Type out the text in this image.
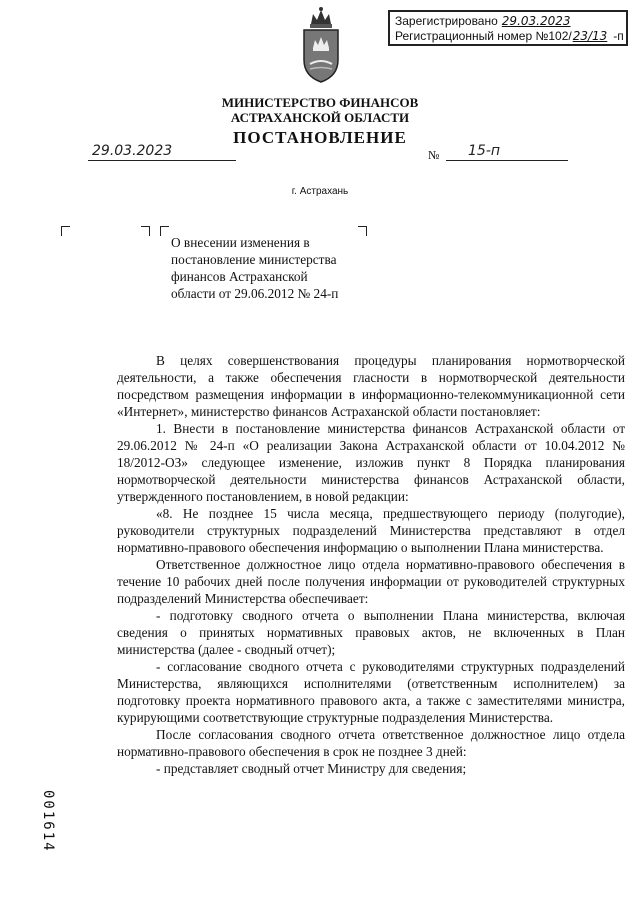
Зарегистрировано 29.03.2023
Регистрационный номер №102/ 23/13 -п
МИНИСТЕРСТВО ФИНАНСОВ
АСТРАХАНСКОЙ ОБЛАСТИ
ПОСТАНОВЛЕНИЕ
29.03.2023	№	15-п
г. Астрахань

О внесении изменения в

постановление министерства

финансов Астраханской

области от 29.06.2012 № 24-п

В целях совершенствования процедуры планирования нормотворческой деятельности, а также обеспечения гласности в нормотворческой деятельности посредством размещения информации в информационно-телекоммуникационной сети «Интернет», министерство финансов Астраханской области постановляет:

1. Внести в постановление министерства финансов Астраханской области от 29.06.2012 № 24-п «О реализации Закона Астраханской области от 10.04.2012 № 18/2012-ОЗ» следующее изменение, изложив пункт 8 Порядка планирования нормотворческой деятельности министерства финансов Астраханской области, утвержденного постановлением, в новой редакции:

«8. Не позднее 15 числа месяца, предшествующего периоду (полугодие), руководители структурных подразделений Министерства представляют в отдел нормативно-правового обеспечения информацию о выполнении Плана министерства.

Ответственное должностное лицо отдела нормативно-правового обеспечения в течение 10 рабочих дней после получения информации от руководителей структурных подразделений Министерства обеспечивает:

- подготовку сводного отчета о выполнении Плана министерства, включая сведения о принятых нормативных правовых актов, не включенных в План министерства (далее - сводный отчет);

- согласование сводного отчета с руководителями структурных подразделений Министерства, являющихся исполнителями (ответственным исполнителем) за подготовку проекта нормативного правового акта, а также с заместителями министра, курирующими соответствующие структурные подразделения Министерства.

После согласования сводного отчета ответственное должностное лицо отдела нормативно-правового обеспечения в срок не позднее 3 дней:

- представляет сводный отчет Министру для сведения;

001614
